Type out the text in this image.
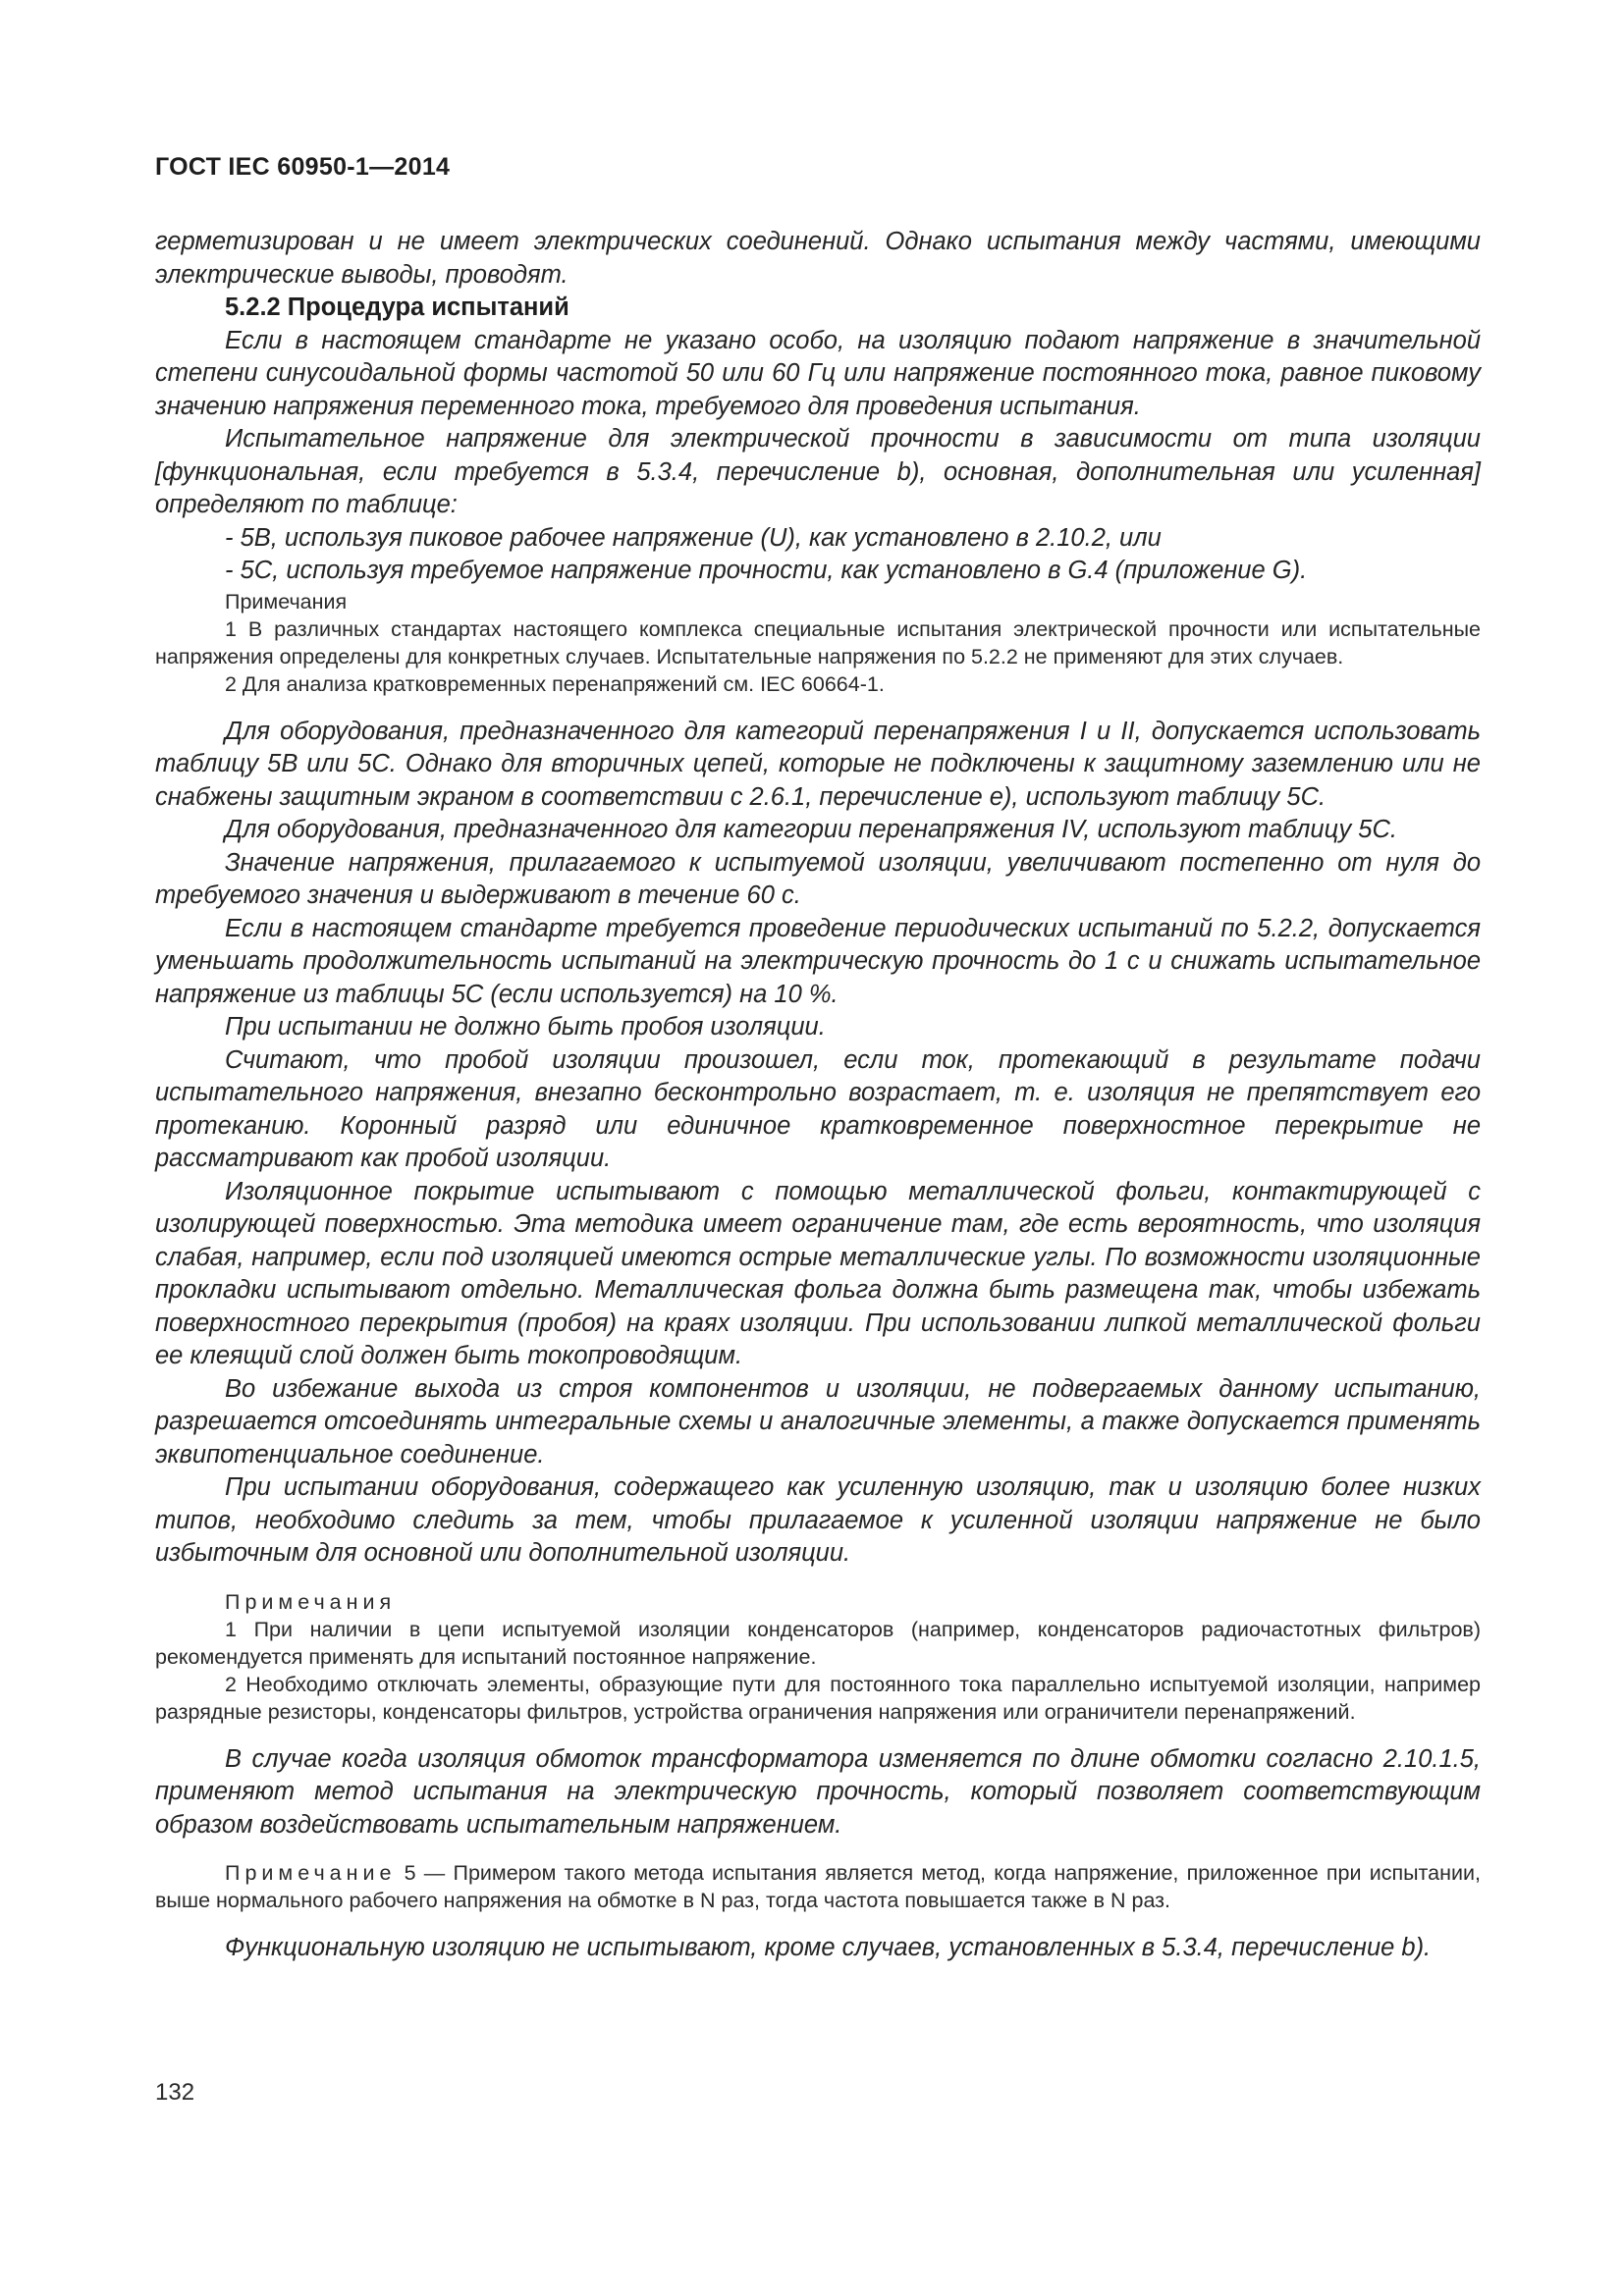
ГОСТ IEC 60950-1—2014

герметизирован и не имеет электрических соединений. Однако испытания между частями, имеющими электрические выводы, проводят.

5.2.2 Процедура испытаний

Если в настоящем стандарте не указано особо, на изоляцию подают напряжение в значительной степени синусоидальной формы частотой 50 или 60 Гц или напряжение постоянного тока, равное пиковому значению напряжения переменного тока, требуемого для проведения испытания.

Испытательное напряжение для электрической прочности в зависимости от типа изоляции [функциональная, если требуется в 5.3.4, перечисление b), основная, дополнительная или усиленная] определяют по таблице:

- 5В, используя пиковое рабочее напряжение (U), как установлено в 2.10.2, или

- 5С, используя требуемое напряжение прочности, как установлено в G.4 (приложение G).

Примечания

1 В различных стандартах настоящего комплекса специальные испытания электрической прочности или испытательные напряжения определены для конкретных случаев. Испытательные напряжения по 5.2.2 не применяют для этих случаев.

2 Для анализа кратковременных перенапряжений см. IEC 60664-1.

Для оборудования, предназначенного для категорий перенапряжения I и II, допускается использовать таблицу 5В или 5С. Однако для вторичных цепей, которые не подключены к защитному заземлению или не снабжены защитным экраном в соответствии с 2.6.1, перечисление е), используют таблицу 5С.

Для оборудования, предназначенного для категории перенапряжения IV, используют таблицу 5С.

Значение напряжения, прилагаемого к испытуемой изоляции, увеличивают постепенно от нуля до требуемого значения и выдерживают в течение 60 с.

Если в настоящем стандарте требуется проведение периодических испытаний по 5.2.2, допускается уменьшать продолжительность испытаний на электрическую прочность до 1 с и снижать испытательное напряжение из таблицы 5С (если используется) на 10 %.

При испытании не должно быть пробоя изоляции.

Считают, что пробой изоляции произошел, если ток, протекающий в результате подачи испытательного напряжения, внезапно бесконтрольно возрастает, т. е. изоляция не препятствует его протеканию. Коронный разряд или единичное кратковременное поверхностное перекрытие не рассматривают как пробой изоляции.

Изоляционное покрытие испытывают с помощью металлической фольги, контактирующей с изолирующей поверхностью. Эта методика имеет ограничение там, где есть вероятность, что изоляция слабая, например, если под изоляцией имеются острые металлические углы. По возможности изоляционные прокладки испытывают отдельно. Металлическая фольга должна быть размещена так, чтобы избежать поверхностного перекрытия (пробоя) на краях изоляции. При использовании липкой металлической фольги ее клеящий слой должен быть токопроводящим.

Во избежание выхода из строя компонентов и изоляции, не подвергаемых данному испытанию, разрешается отсоединять интегральные схемы и аналогичные элементы, а также допускается применять эквипотенциальное соединение.

При испытании оборудования, содержащего как усиленную изоляцию, так и изоляцию более низких типов, необходимо следить за тем, чтобы прилагаемое к усиленной изоляции напряжение не было избыточным для основной или дополнительной изоляции.

Примечания

1 При наличии в цепи испытуемой изоляции конденсаторов (например, конденсаторов радиочастотных фильтров) рекомендуется применять для испытаний постоянное напряжение.

2 Необходимо отключать элементы, образующие пути для постоянного тока параллельно испытуемой изоляции, например разрядные резисторы, конденсаторы фильтров, устройства ограничения напряжения или ограничители перенапряжений.

В случае когда изоляция обмоток трансформатора изменяется по длине обмотки согласно 2.10.1.5, применяют метод испытания на электрическую прочность, который позволяет соответствующим образом воздействовать испытательным напряжением.

Примечание 5 — Примером такого метода испытания является метод, когда напряжение, приложенное при испытании, выше нормального рабочего напряжения на обмотке в N раз, тогда частота повышается также в N раз.

Функциональную изоляцию не испытывают, кроме случаев, установленных в 5.3.4, перечисление b).

132
